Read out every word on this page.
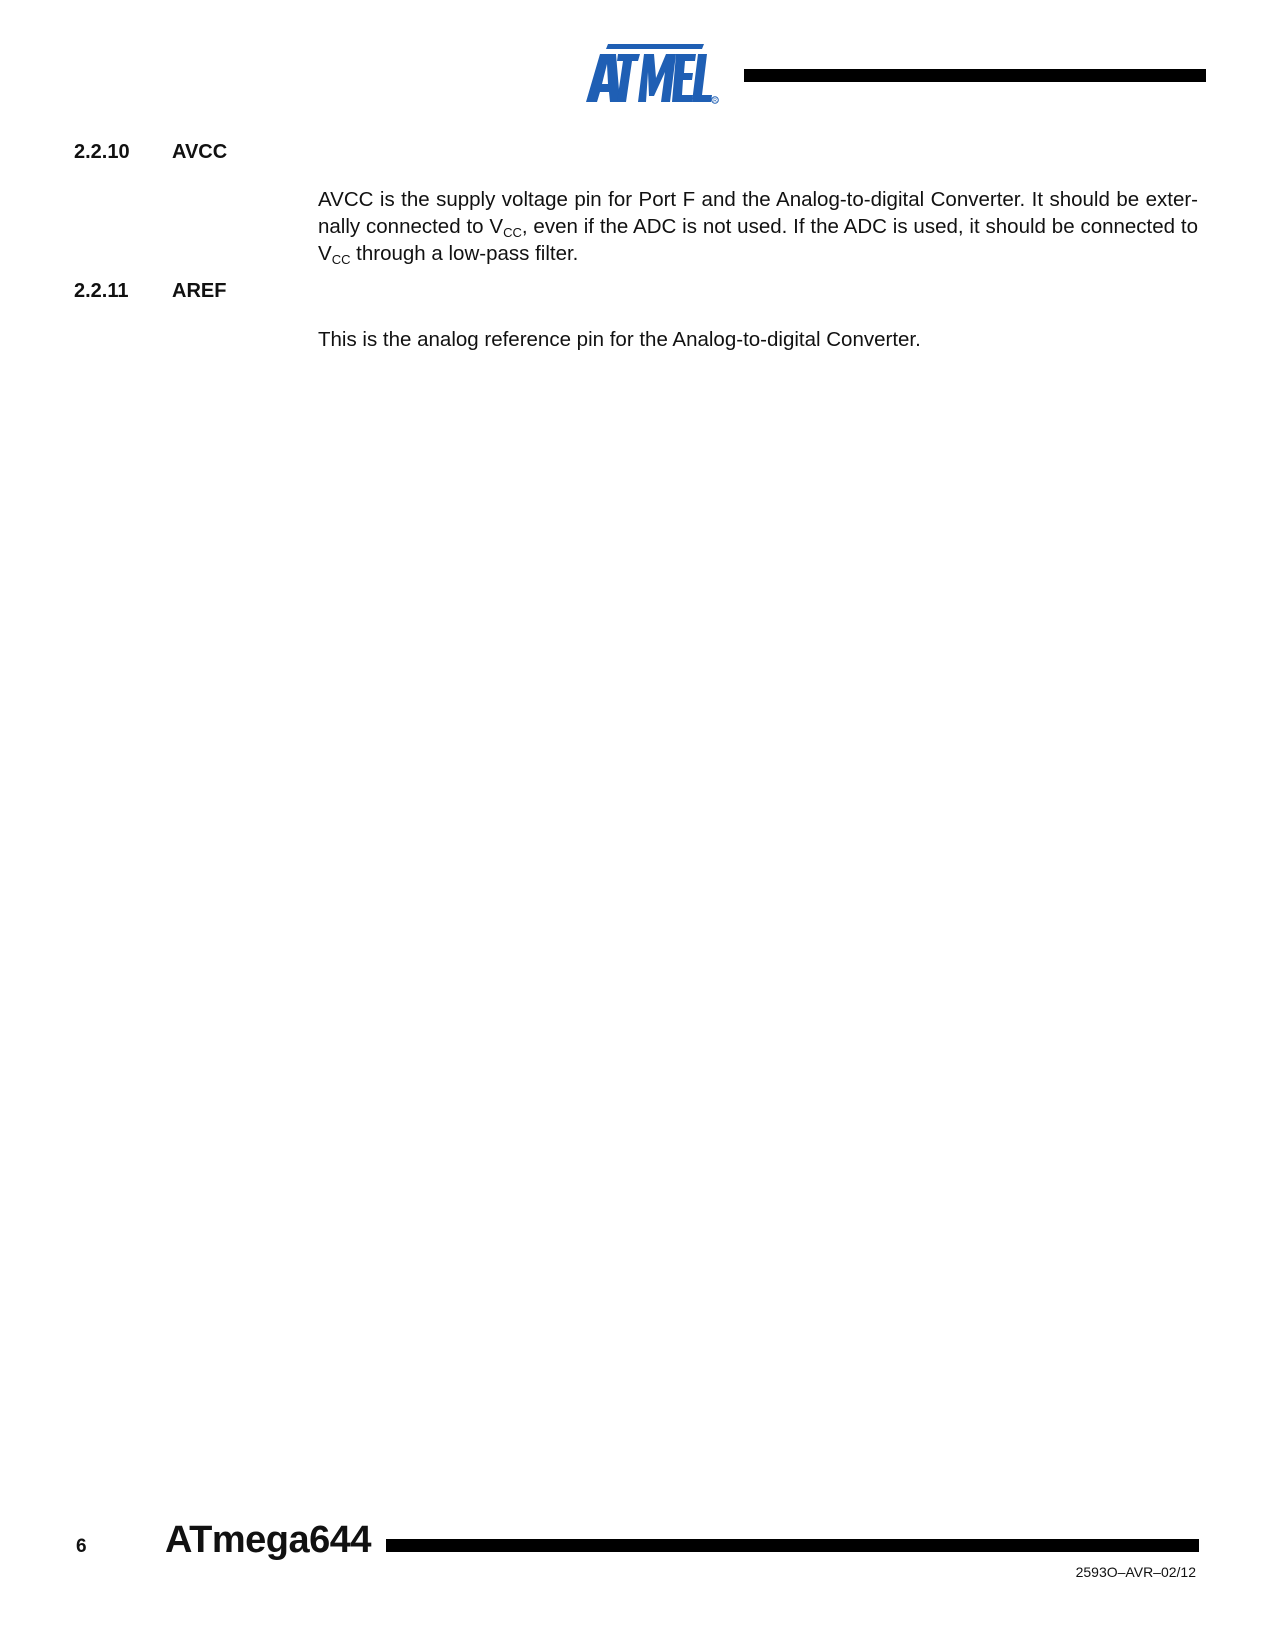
R
2.2.10 AVCC
AVCC is the supply voltage pin for Port F and the Analog-to-digital Converter. It should be exter-nally connected to $V_{CC}$, even if the ADC is not used. If the ADC is used, it should be connected to $V_{CC}$ through a low-pass filter.
2.2.11 AREF
This is the analog reference pin for the Analog-to-digital Converter.
6 ATmega644
2593O–AVR–02/12
